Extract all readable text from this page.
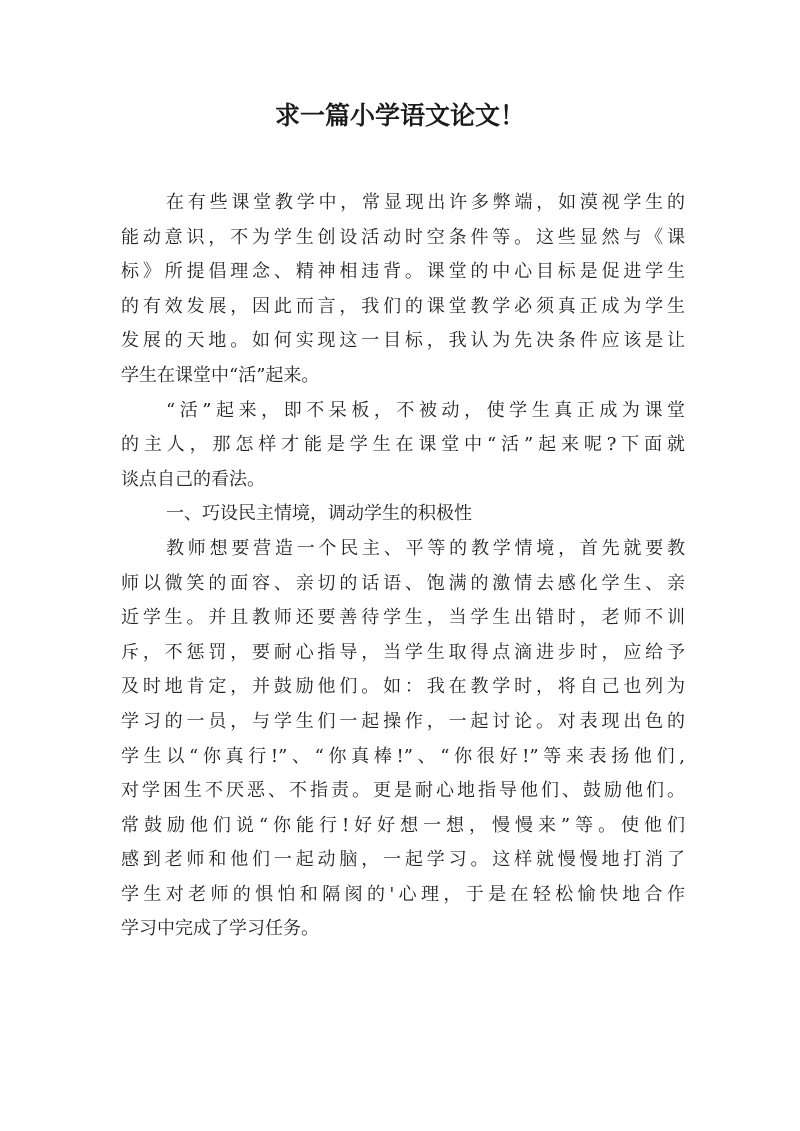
求一篇小学语文论文！
在有些课堂教学中，常显现出许多弊端，如漠视学生的
能动意识，不为学生创设活动时空条件等。这些显然与《课
标》所提倡理念、精神相违背。课堂的中心目标是促进学生
的有效发展，因此而言，我们的课堂教学必须真正成为学生
发展的天地。如何实现这一目标，我认为先决条件应该是让
学生在课堂中“活”起来。
“活”起来，即不呆板，不被动，使学生真正成为课堂
的主人，那怎样才能是学生在课堂中“活”起来呢?下面就
谈点自己的看法。
一、巧设民主情境，调动学生的积极性
教师想要营造一个民主、平等的教学情境，首先就要教
师以微笑的面容、亲切的话语、饱满的激情去感化学生、亲
近学生。并且教师还要善待学生，当学生出错时，老师不训
斥，不惩罚，要耐心指导，当学生取得点滴进步时，应给予
及时地肯定，并鼓励他们。如：我在教学时，将自己也列为
学习的一员，与学生们一起操作，一起讨论。对表现出色的
学生以“你真行!”、“你真棒!”、“你很好!”等来表扬他们,
对学困生不厌恶、不指责。更是耐心地指导他们、鼓励他们。
常鼓励他们说“你能行!好好想一想，慢慢来”等。使他们
感到老师和他们一起动脑，一起学习。这样就慢慢地打消了
学生对老师的惧怕和隔阂的'心理，于是在轻松愉快地合作
学习中完成了学习任务。
